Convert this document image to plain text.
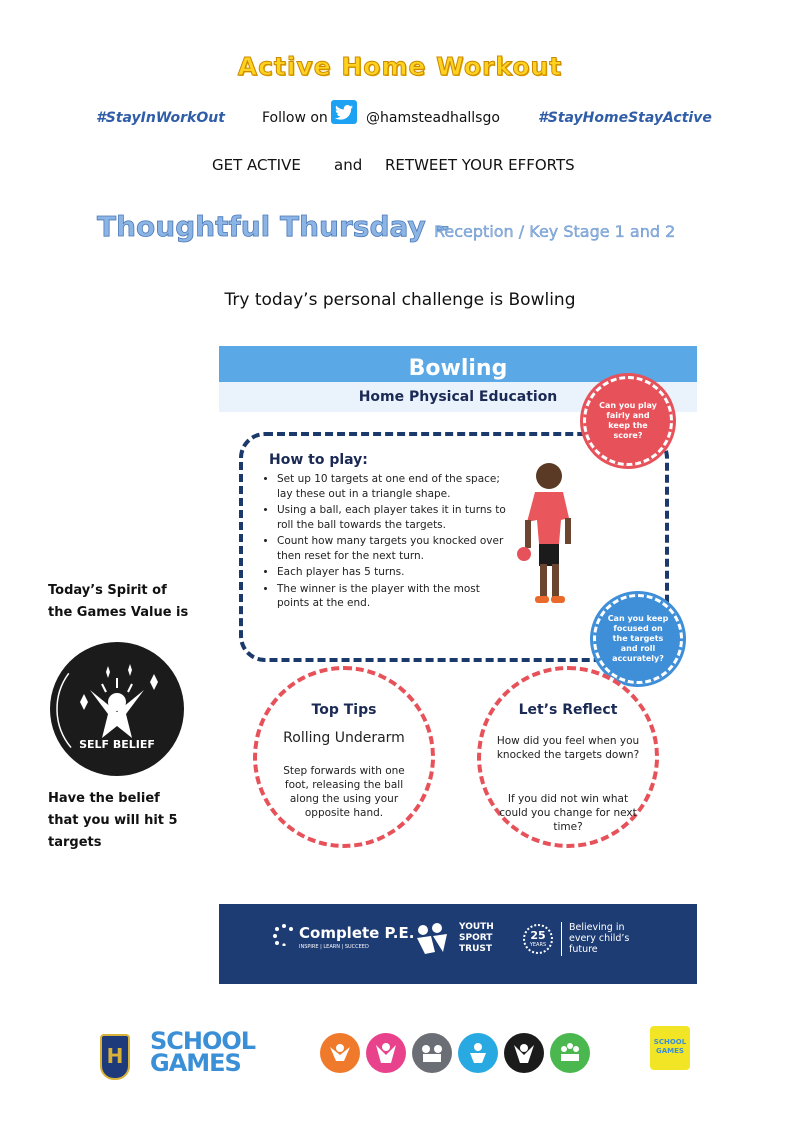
Active Home Workout
#StayInWorkOut	Follow on	@hamsteadhallsgo	#StayHomeStayActive
GET ACTIVE and RETWEET YOUR EFFORTS
Thoughtful Thursday –
Reception / Key Stage 1 and 2
Try today’s personal challenge is Bowling
Today’s Spirit of
the Games Value is
SELF BELIEF
Have the belief
that you will hit 5
targets
Bowling
Home Physical Education
How to play:
• Set up 10 targets at one end of the space; lay these out in a triangle shape.
• Using a ball, each player takes it in turns to roll the ball towards the targets.
• Count how many targets you knocked over then reset for the next turn.
• Each player has 5 turns.
• The winner is the player with the most points at the end.
Can you play fairly and keep the score?
Can you keep focused on the targets and roll accurately?
Top Tips
Rolling Underarm
Step forwards with one foot, releasing the ball along the using your opposite hand.
Let’s Reflect
How did you feel when you knocked the targets down?
If you did not win what could you change for next time?
Complete P.E.
INSPIRE | LEARN | SUCCEED
YOUTH
SPORT
TRUST
25
YEARS
Believing in
every child’s
future
H
SCHOOL
GAMES
SCHOOL GAMES
